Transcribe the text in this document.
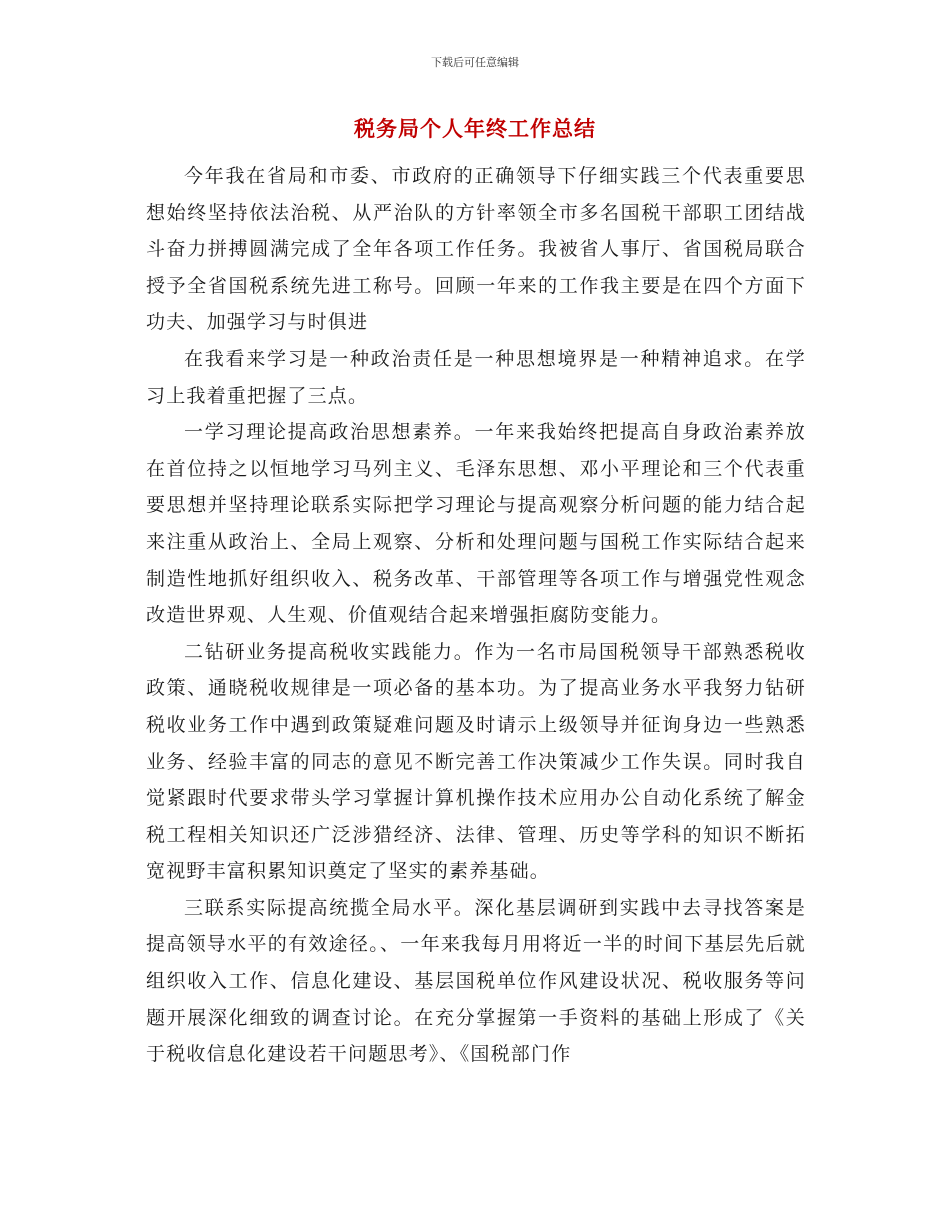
下载后可任意编辑
税务局个人年终工作总结

今年我在省局和市委、市政府的正确领导下仔细实践三个代表重要思想始终坚持依法治税、从严治队的方针率领全市多名国税干部职工团结战斗奋力拼搏圆满完成了全年各项工作任务。我被省人事厅、省国税局联合授予全省国税系统先进工称号。回顾一年来的工作我主要是在四个方面下功夫、加强学习与时俱进

在我看来学习是一种政治责任是一种思想境界是一种精神追求。在学习上我着重把握了三点。

一学习理论提高政治思想素养。一年来我始终把提高自身政治素养放在首位持之以恒地学习马列主义、毛泽东思想、邓小平理论和三个代表重要思想并坚持理论联系实际把学习理论与提高观察分析问题的能力结合起来注重从政治上、全局上观察、分析和处理问题与国税工作实际结合起来制造性地抓好组织收入、税务改革、干部管理等各项工作与增强党性观念改造世界观、人生观、价值观结合起来增强拒腐防变能力。

二钻研业务提高税收实践能力。作为一名市局国税领导干部熟悉税收政策、通晓税收规律是一项必备的基本功。为了提高业务水平我努力钻研税收业务工作中遇到政策疑难问题及时请示上级领导并征询身边一些熟悉业务、经验丰富的同志的意见不断完善工作决策减少工作失误。同时我自觉紧跟时代要求带头学习掌握计算机操作技术应用办公自动化系统了解金税工程相关知识还广泛涉猎经济、法律、管理、历史等学科的知识不断拓宽视野丰富积累知识奠定了坚实的素养基础。

三联系实际提高统揽全局水平。深化基层调研到实践中去寻找答案是提高领导水平的有效途径。、一年来我每月用将近一半的时间下基层先后就组织收入工作、信息化建设、基层国税单位作风建设状况、税收服务等问题开展深化细致的调查讨论。在充分掌握第一手资料的基础上形成了《关于税收信息化建设若干问题思考》、《国税部门作
